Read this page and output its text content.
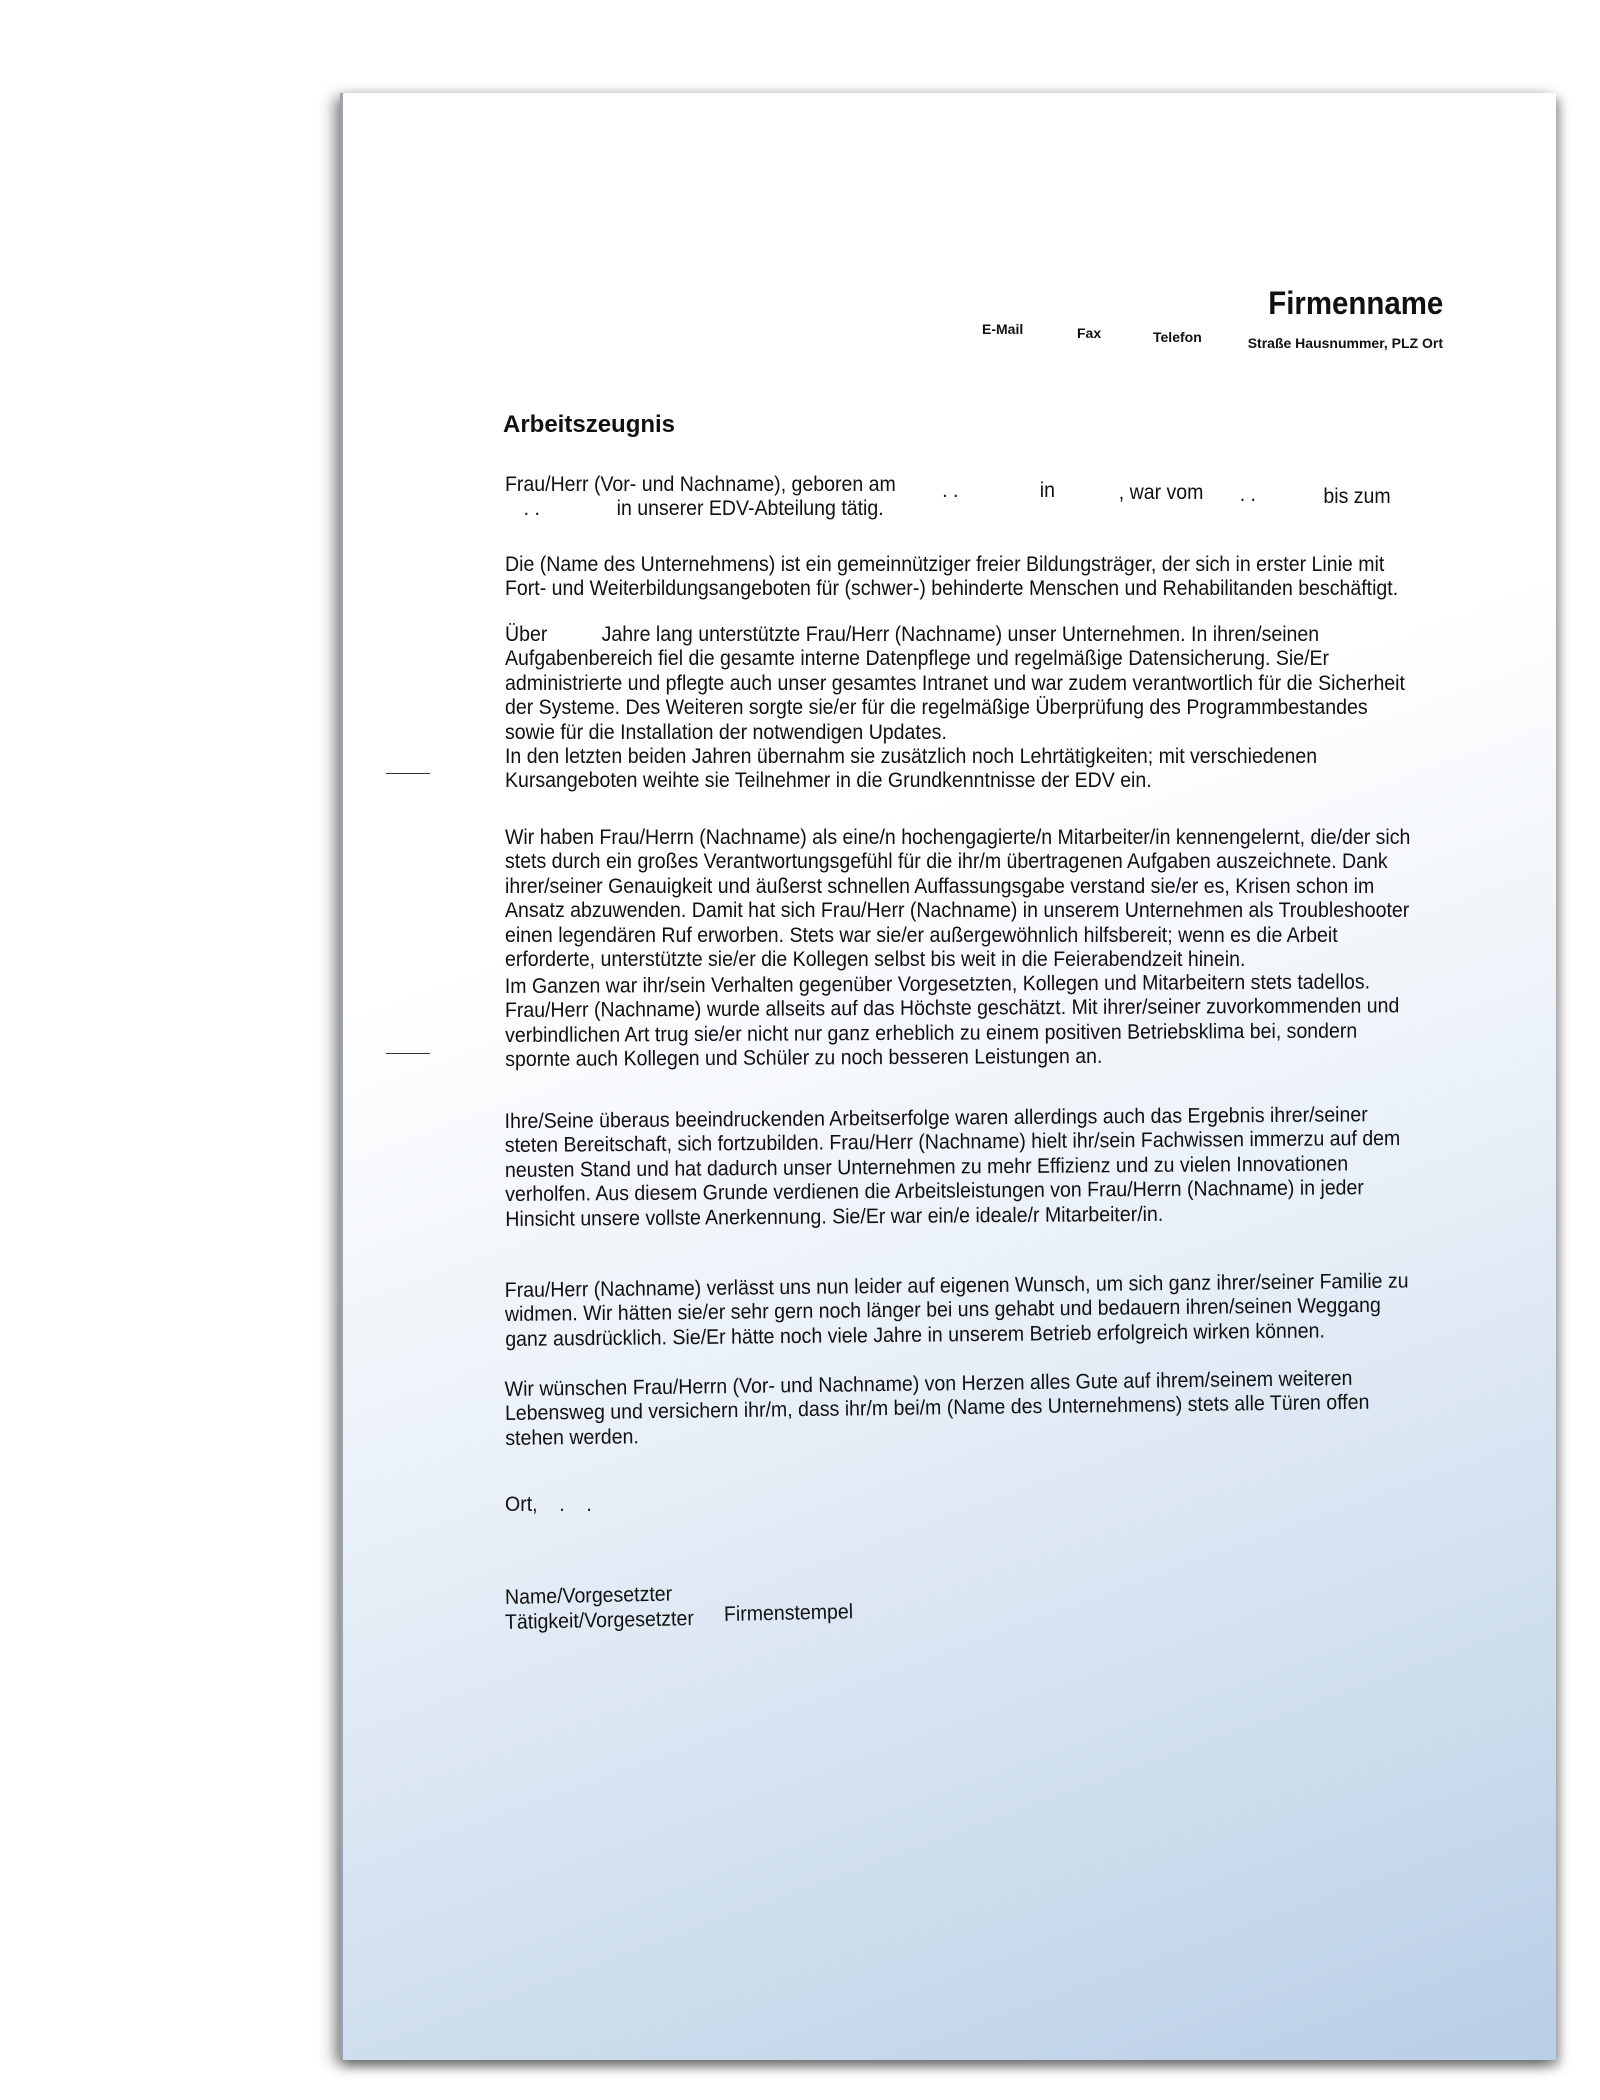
Firmenname
E-Mail	Fax	Telefon	Straße Hausnummer, PLZ Ort
Arbeitszeugnis
Frau/Herr (Vor- und Nachname), geboren am . .	in	, war vom . .	bis zum
. .	in unserer EDV-Abteilung tätig.
Die (Name des Unternehmens) ist ein gemeinnütziger freier Bildungsträger, der sich in erster Linie mit
Fort- und Weiterbildungsangeboten für (schwer-) behinderte Menschen und Rehabilitanden beschäftigt.
Über          Jahre lang unterstützte Frau/Herr (Nachname) unser Unternehmen. In ihren/seinen
Aufgabenbereich fiel die gesamte interne Datenpflege und regelmäßige Datensicherung. Sie/Er
administrierte und pflegte auch unser gesamtes Intranet und war zudem verantwortlich für die Sicherheit
der Systeme. Des Weiteren sorgte sie/er für die regelmäßige Überprüfung des Programmbestandes
sowie für die Installation der notwendigen Updates.
In den letzten beiden Jahren übernahm sie zusätzlich noch Lehrtätigkeiten; mit verschiedenen
Kursangeboten weihte sie Teilnehmer in die Grundkenntnisse der EDV ein.
Wir haben Frau/Herrn (Nachname) als eine/n hochengagierte/n Mitarbeiter/in kennengelernt, die/der sich
stets durch ein großes Verantwortungsgefühl für die ihr/m übertragenen Aufgaben auszeichnete. Dank
ihrer/seiner Genauigkeit und äußerst schnellen Auffassungsgabe verstand sie/er es, Krisen schon im
Ansatz abzuwenden. Damit hat sich Frau/Herr (Nachname) in unserem Unternehmen als Troubleshooter
einen legendären Ruf erworben. Stets war sie/er außergewöhnlich hilfsbereit; wenn es die Arbeit
erforderte, unterstützte sie/er die Kollegen selbst bis weit in die Feierabendzeit hinein.
Im Ganzen war ihr/sein Verhalten gegenüber Vorgesetzten, Kollegen und Mitarbeitern stets tadellos.
Frau/Herr (Nachname) wurde allseits auf das Höchste geschätzt. Mit ihrer/seiner zuvorkommenden und
verbindlichen Art trug sie/er nicht nur ganz erheblich zu einem positiven Betriebsklima bei, sondern
spornte auch Kollegen und Schüler zu noch besseren Leistungen an.
Ihre/Seine überaus beeindruckenden Arbeitserfolge waren allerdings auch das Ergebnis ihrer/seiner
steten Bereitschaft, sich fortzubilden. Frau/Herr (Nachname) hielt ihr/sein Fachwissen immerzu auf dem
neusten Stand und hat dadurch unser Unternehmen zu mehr Effizienz und zu vielen Innovationen
verholfen. Aus diesem Grunde verdienen die Arbeitsleistungen von Frau/Herrn (Nachname) in jeder
Hinsicht unsere vollste Anerkennung. Sie/Er war ein/e ideale/r Mitarbeiter/in.
Frau/Herr (Nachname) verlässt uns nun leider auf eigenen Wunsch, um sich ganz ihrer/seiner Familie zu
widmen. Wir hätten sie/er sehr gern noch länger bei uns gehabt und bedauern ihren/seinen Weggang
ganz ausdrücklich. Sie/Er hätte noch viele Jahre in unserem Betrieb erfolgreich wirken können.
Wir wünschen Frau/Herrn (Vor- und Nachname) von Herzen alles Gute auf ihrem/seinem weiteren
Lebensweg und versichern ihr/m, dass ihr/m bei/m (Name des Unternehmens) stets alle Türen offen
stehen werden.
Ort,    .    .
Name/Vorgesetzter
Tätigkeit/Vorgesetzter Firmenstempel
